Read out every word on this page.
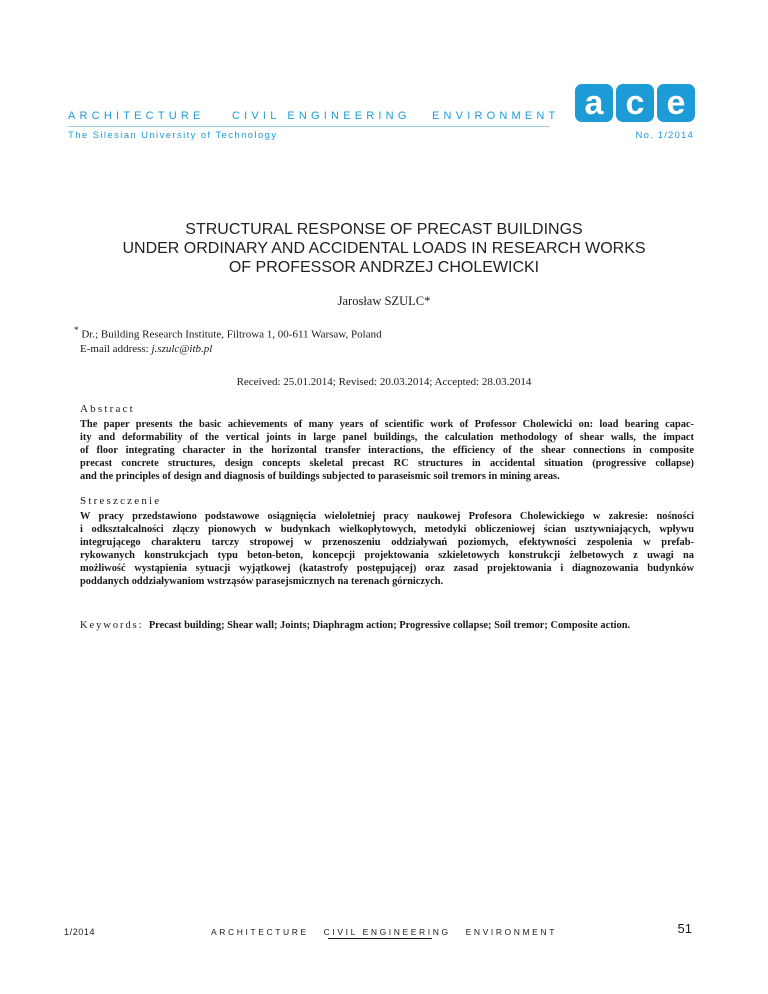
ARCHITECTURE CIVIL ENGINEERING ENVIRONMENT
The Silesian University of Technology	No. 1/2014
a c e
STRUCTURAL RESPONSE OF PRECAST BUILDINGS
UNDER ORDINARY AND ACCIDENTAL LOADS IN RESEARCH WORKS
OF PROFESSOR ANDRZEJ CHOLEWICKI
Jarosław SZULC*
* Dr.; Building Research Institute, Filtrowa 1, 00-611 Warsaw, Poland
E-mail address: j.szulc@itb.pl
Received: 25.01.2014; Revised: 20.03.2014; Accepted: 28.03.2014
Abstract
The paper presents the basic achievements of many years of scientific work of Professor Cholewicki on: load bearing capac-
ity and deformability of the vertical joints in large panel buildings, the calculation methodology of shear walls, the impact
of floor integrating character in the horizontal transfer interactions, the efficiency of the shear connections in composite
precast concrete structures, design concepts skeletal precast RC structures in accidental situation (progressive collapse)
and the principles of design and diagnosis of buildings subjected to paraseismic soil tremors in mining areas.
Streszczenie
W pracy przedstawiono podstawowe osiągnięcia wieloletniej pracy naukowej Profesora Cholewickiego w zakresie: nośności
i odkształcalności złączy pionowych w budynkach wielkopłytowych, metodyki obliczeniowej ścian usztywniających, wpływu
integrującego charakteru tarczy stropowej w przenoszeniu oddziaływań poziomych, efektywności zespolenia w prefab-
rykowanych konstrukcjach typu beton-beton, koncepcji projektowania szkieletowych konstrukcji żelbetowych z uwagi na
możliwość wystąpienia sytuacji wyjątkowej (katastrofy postępującej) oraz zasad projektowania i diagnozowania budynków
poddanych oddziaływaniom wstrząsów parasejsmicznych na terenach górniczych.
Keywords: Precast building; Shear wall; Joints; Diaphragm action; Progressive collapse; Soil tremor; Composite action.
1/2014	ARCHITECTURE CIVIL ENGINEERING ENVIRONMENT	51
